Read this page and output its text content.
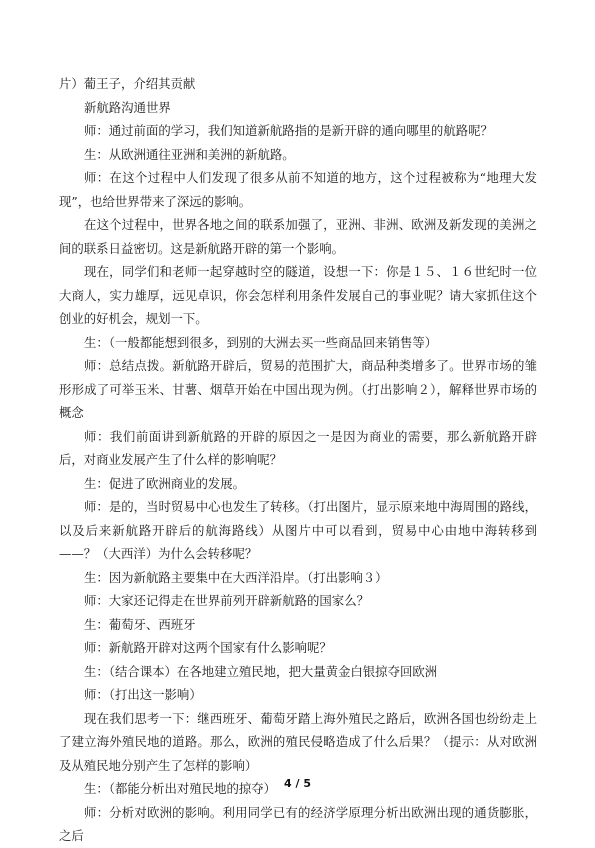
片）葡王子，介绍其贡献

新航路沟通世界

师：通过前面的学习，我们知道新航路指的是新开辟的通向哪里的航路呢？

生：从欧洲通往亚洲和美洲的新航路。

师：在这个过程中人们发现了很多从前不知道的地方，这个过程被称为“地理大发现”，也给世界带来了深远的影响。

在这个过程中，世界各地之间的联系加强了，亚洲、非洲、欧洲及新发现的美洲之间的联系日益密切。这是新航路开辟的第一个影响。

现在，同学们和老师一起穿越时空的隧道，设想一下：你是１５、１６世纪时一位大商人，实力雄厚，远见卓识，你会怎样利用条件发展自己的事业呢？请大家抓住这个创业的好机会，规划一下。

生：（一般都能想到很多，到别的大洲去买一些商品回来销售等）

师：总结点拨。新航路开辟后，贸易的范围扩大，商品种类增多了。世界市场的雏形形成了可举玉米、甘薯、烟草开始在中国出现为例。（打出影响２），解释世界市场的概念

师：我们前面讲到新航路的开辟的原因之一是因为商业的需要，那么新航路开辟后，对商业发展产生了什么样的影响呢？

生：促进了欧洲商业的发展。

师：是的，当时贸易中心也发生了转移。（打出图片，显示原来地中海周围的路线，以及后来新航路开辟后的航海路线）从图片中可以看到，贸易中心由地中海转移到——？（大西洋）为什么会转移呢？

生：因为新航路主要集中在大西洋沿岸。（打出影响３）

师：大家还记得走在世界前列开辟新航路的国家么？

生：葡萄牙、西班牙

师：新航路开辟对这两个国家有什么影响呢？

生：（结合课本）在各地建立殖民地，把大量黄金白银掠夺回欧洲

师：（打出这一影响）

现在我们思考一下：继西班牙、葡萄牙踏上海外殖民之路后，欧洲各国也纷纷走上了建立海外殖民地的道路。那么，欧洲的殖民侵略造成了什么后果？（提示：从对欧洲及从殖民地分别产生了怎样的影响）

生：（都能分析出对殖民地的掠夺）

师：分析对欧洲的影响。利用同学已有的经济学原理分析出欧洲出现的通货膨胀，之后

4 / 5
